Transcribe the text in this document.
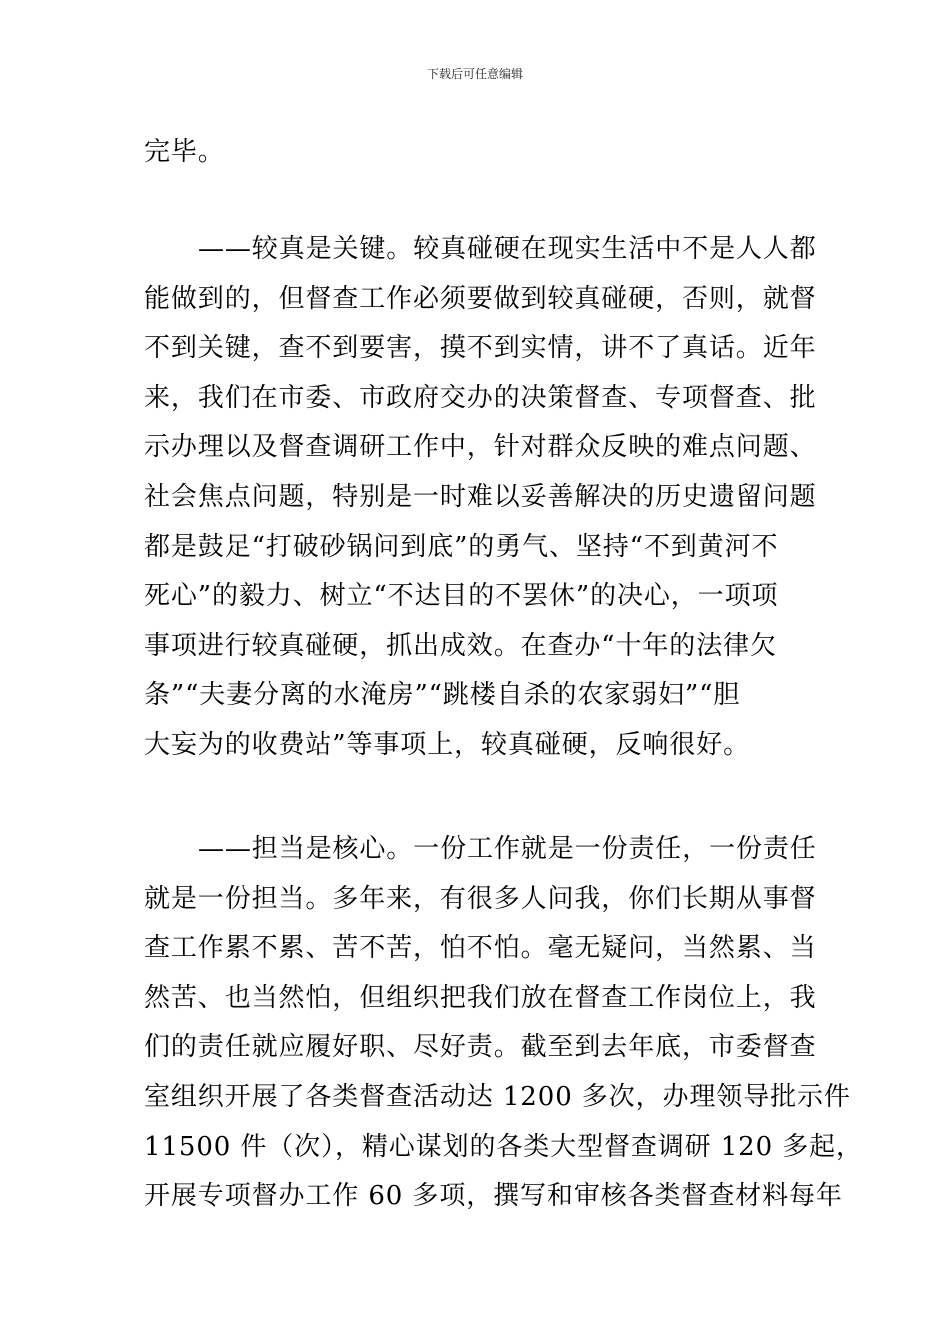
下载后可任意编辑
完毕。
——较真是关键。较真碰硬在现实生活中不是人人都
能做到的，但督查工作必须要做到较真碰硬，否则，就督
不到关键，查不到要害，摸不到实情，讲不了真话。近年
来，我们在市委、市政府交办的决策督查、专项督查、批
示办理以及督查调研工作中，针对群众反映的难点问题、
社会焦点问题，特别是一时难以妥善解决的历史遗留问题
都是鼓足“打破砂锅问到底”的勇气、坚持“不到黄河不
死心”的毅力、树立“不达目的不罢休”的决心，一项项
事项进行较真碰硬，抓出成效。在查办“十年的法律欠
条”“夫妻分离的水淹房”“跳楼自杀的农家弱妇”“胆
大妄为的收费站”等事项上，较真碰硬，反响很好。
——担当是核心。一份工作就是一份责任，一份责任
就是一份担当。多年来，有很多人问我，你们长期从事督
查工作累不累、苦不苦，怕不怕。毫无疑问，当然累、当
然苦、也当然怕，但组织把我们放在督查工作岗位上，我
们的责任就应履好职、尽好责。截至到去年底，市委督查
室组织开展了各类督查活动达 1200 多次，办理领导批示件
11500 件（次），精心谋划的各类大型督查调研 120 多起，
开展专项督办工作 60 多项，撰写和审核各类督查材料每年
